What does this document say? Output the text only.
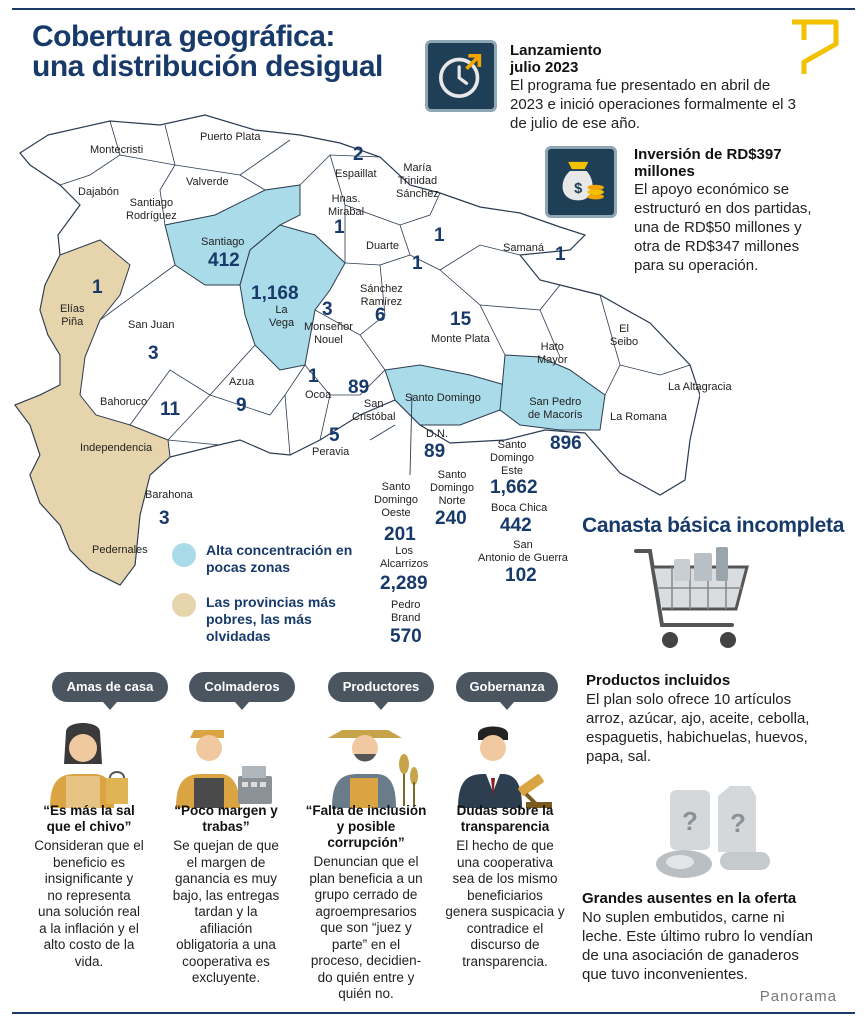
Cobertura geográfica:
una distribución desigual	Lanzamiento
julio 2023
El programa fue presentado en abril de
2023 e inició operaciones formalmente el 3
de julio de ese año.
$
Inversión de RD$397
millones
El apoyo económico se
estructuró en dos partidas,
una de RD$50 millones y
otra de RD$347 millones
para su operación.
Montecristi
Puerto Plata
Dajabón
Valverde
Espaillat	María
Trinidad
Sánchez
Hnas.
Mirabal
Santiago
Rodríguez
Santiago	Duarte	Samaná
Elías
Piña
La
Vega
Sánchez
Ramírez
San Juan	Monseñor
Nouel	Monte Plata
El
Seibo
Hato
Mayor
Azua
Ocoa
Bahoruco	San
Cristóbal
Santo Domingo	San Pedro
de Macorís
La Altagracia
La Romana
Independencia	Peravia
Barahona
Pedernales
D.N.
Santo
Domingo
Este
Santo
Domingo
Norte
Santo
Domingo
Oeste	Boca Chica
Los
Alcarrizos
San
Antonio de Guerra
Pedro
Brand
2
1	1
1	1
412
1	1,168
3 6	15
3
1
89
11	9
5	896
89
1,662
240 442
201
3
2,289	102
570
Alta concentración en
pocas zonas
Las provincias más
pobres, las más
olvidadas
Canasta básica incompleta
Productos incluidos
El plan solo ofrece 10 artículos
arroz, azúcar, ajo, aceite, cebolla,
espaguetis, habichuelas, huevos,
papa, sal.
? ?
Grandes ausentes en la oferta
No suplen embutidos, carne ni
leche. Este último rubro lo vendían
de una asociación de ganaderos
que tuvo inconvenientes.
Amas de casa
“Es más la sal
que el chivo”
Consideran que el
beneficio es
insignificante y
no representa
una solución real
a la inflación y el
alto costo de la
vida.
Colmaderos
“Poco margen y
trabas”
Se quejan de que
el margen de
ganancia es muy
bajo, las entregas
tardan y la
afiliación
obligatoria a una
cooperativa es
excluyente.
Productores
“Falta de inclusión
y posible
corrupción”
Denuncian que el
plan beneficia a un
grupo cerrado de
agroempresarios
que son “juez y
parte” en el
proceso, decidien-
do quién entre y
quién no.
Gobernanza
Dudas sobre la
transparencia
El hecho de que
una cooperativa
sea de los mismo
beneficiarios
genera suspicacia y
contradice el
discurso de
transparencia.
Panorama
